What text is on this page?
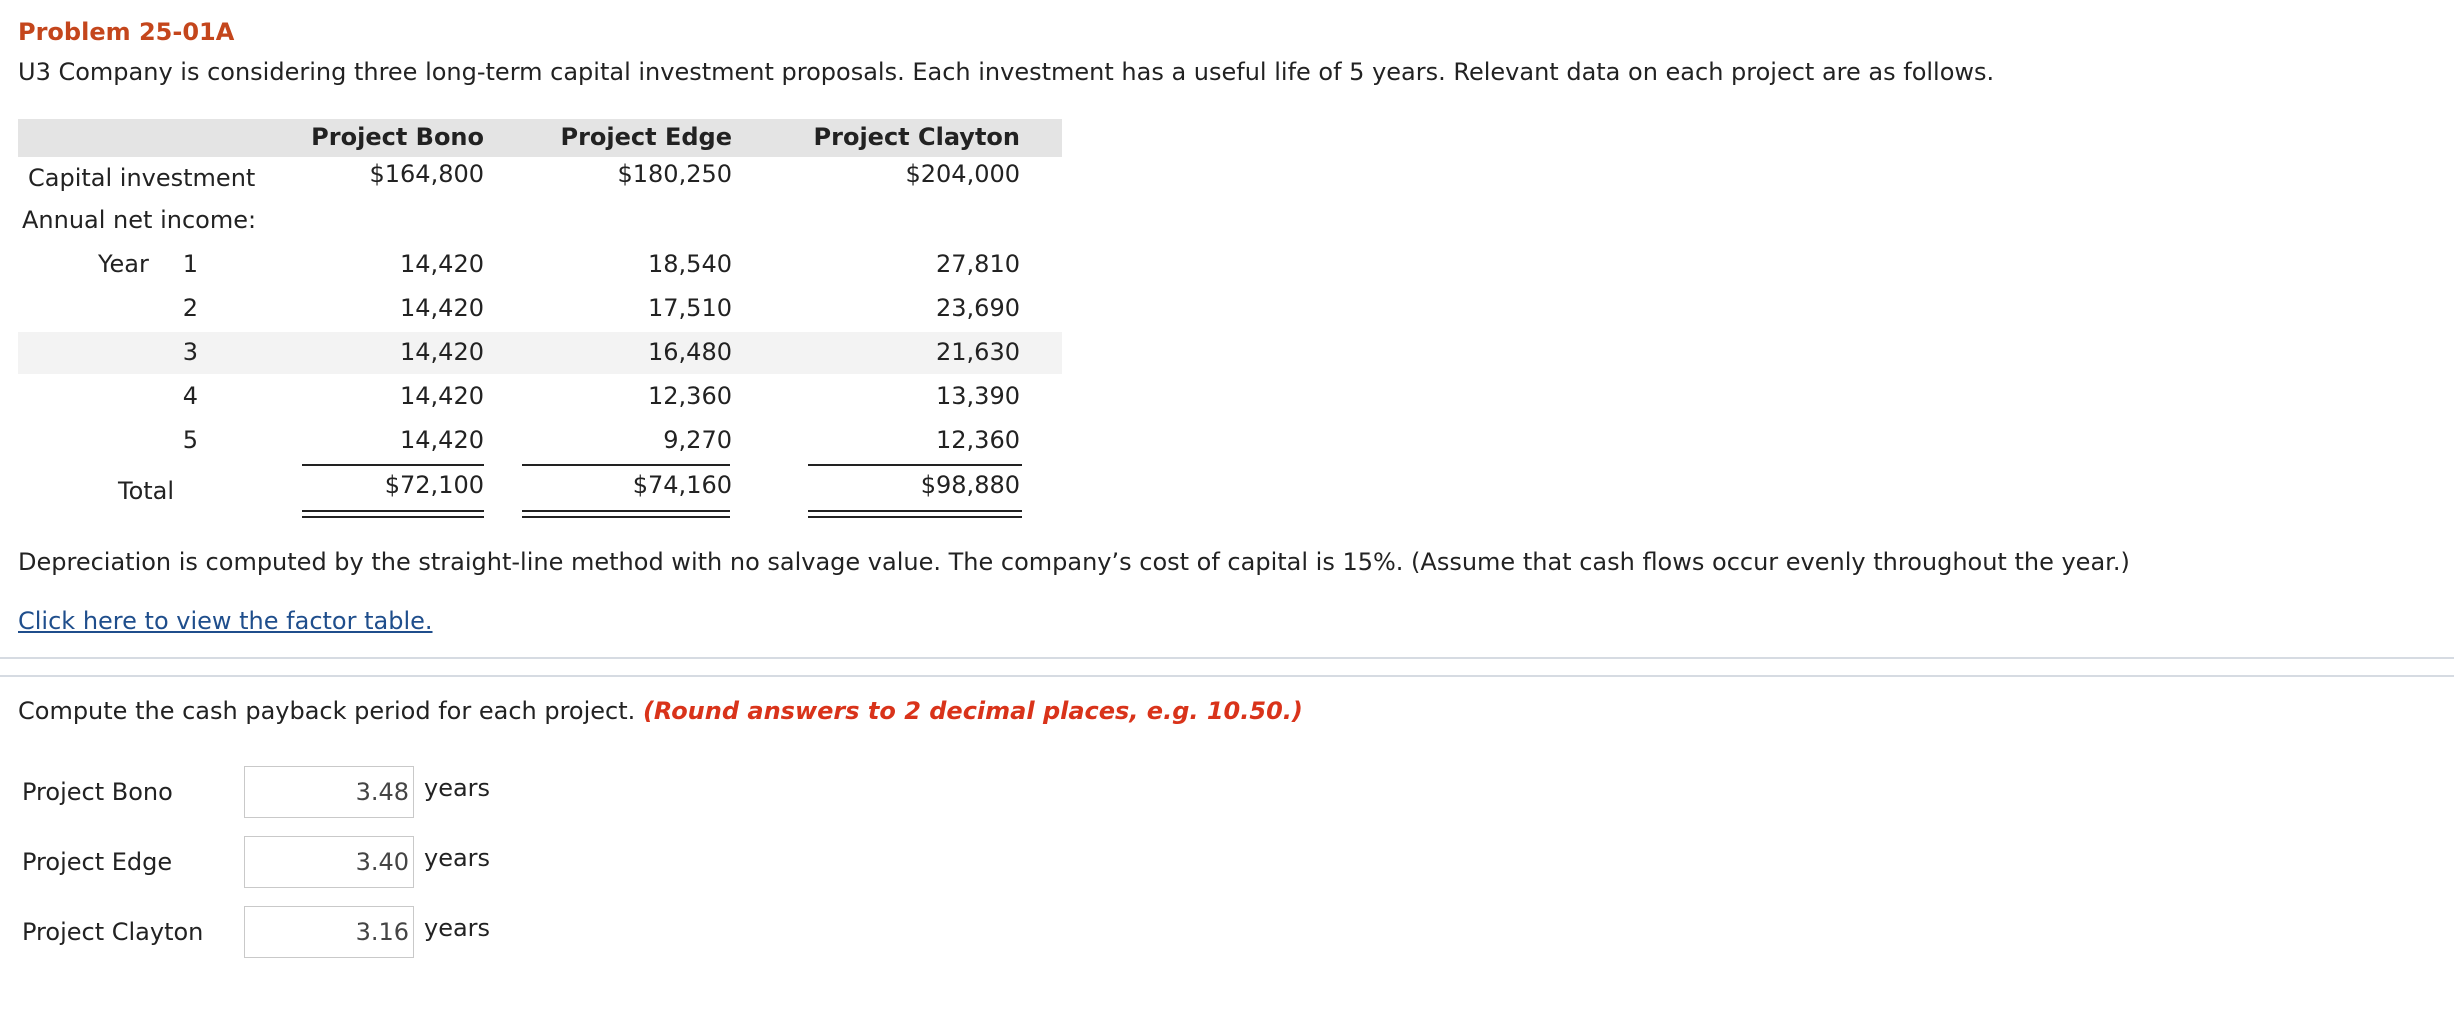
Problem 25-01A
U3 Company is considering three long-term capital investment proposals. Each investment has a useful life of 5 years. Relevant data on each project are as follows.
Project Bono	Project Edge	Project Clayton
Capital investment	$164,800	$180,250	$204,000
Annual net income:
Year 1	14,420	18,540	27,810
2	14,420	17,510	23,690
3	14,420	16,480	21,630
4	14,420	12,360	13,390
5	14,420	9,270	12,360
Total	$72,100	$74,160	$98,880
Depreciation is computed by the straight-line method with no salvage value. The company’s cost of capital is 15%. (Assume that cash flows occur evenly throughout the year.)
Click here to view the factor table.
Compute the cash payback period for each project. (Round answers to 2 decimal places, e.g. 10.50.)
Project Bono
3.48	years
Project Edge
3.40	years
Project Clayton
3.16	years
